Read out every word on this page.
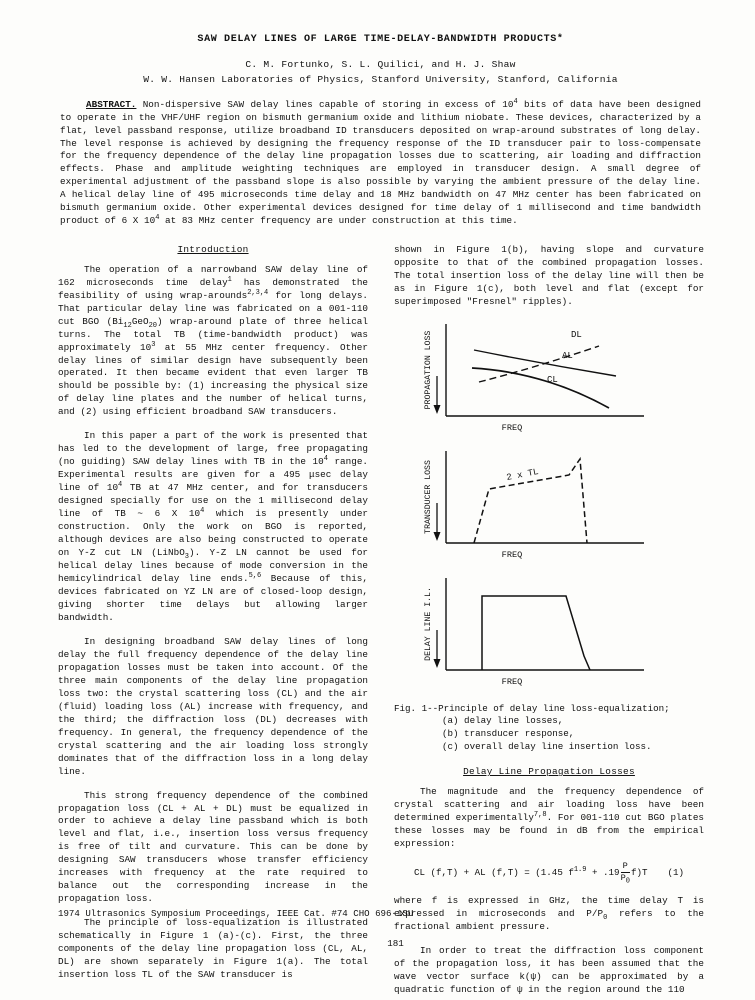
SAW DELAY LINES OF LARGE TIME-DELAY-BANDWIDTH PRODUCTS*
C. M. Fortunko, S. L. Quilici, and H. J. Shaw
W. W. Hansen Laboratories of Physics, Stanford University, Stanford, California
ABSTRACT. Non-dispersive SAW delay lines capable of storing in excess of $10^4$ bits of data have been designed to operate in the VHF/UHF region on bismuth germanium oxide and lithium niobate. These devices, characterized by a flat, level passband response, utilize broadband ID transducers deposited on wrap-around substrates of long delay. The level response is achieved by designing the frequency response of the ID transducer pair to loss-compensate for the frequency dependence of the delay line propagation losses due to scattering, air loading and diffraction effects. Phase and amplitude weighting techniques are employed in transducer design. A small degree of experimental adjustment of the passband slope is also possible by varying the ambient pressure of the delay line. A helical delay line of 495 microseconds time delay and 18 MHz bandwidth on 47 MHz center has been fabricated on bismuth germanium oxide. Other experimental devices designed for time delay of 1 millisecond and time bandwidth product of 6 X $10^4$ at 83 MHz center frequency are under construction at this time.
Introduction

The operation of a narrowband SAW delay line of 162 microseconds time delay$^1$ has demonstrated the feasibility of using wrap-arounds$^{2,3,4}$ for long delays. That particular delay line was fabricated on a 001-110 cut BGO $(Bi_{12}GeO_{20})$ wrap-around plate of three helical turns. The total TB (time-bandwidth product) was approximately $10^3$ at 55 MHz center frequency. Other delay lines of similar design have subsequently been operated. It then became evident that even larger TB should be possible by: (1) increasing the physical size of delay line plates and the number of helical turns, and (2) using efficient broadband SAW transducers.

In this paper a part of the work is presented that has led to the development of large, free propagating (no guiding) SAW delay lines with TB in the $10^4$ range. Experimental results are given for a 495 μsec delay line of $10^4$ TB at 47 MHz center, and for transducers designed specially for use on the 1 millisecond delay line of TB ~ 6 X $10^4$ which is presently under construction. Only the work on BGO is reported, although devices are also being constructed to operate on Y-Z cut LN (LiNbO$_3$). Y-Z LN cannot be used for helical delay lines because of mode conversion in the hemicylindrical delay line ends.$^{5,6}$ Because of this, devices fabricated on YZ LN are of closed-loop design, giving shorter time delays but allowing larger bandwidth.

In designing broadband SAW delay lines of long delay the full frequency dependence of the delay line propagation losses must be taken into account. Of the three main components of the delay line propagation loss two: the crystal scattering loss (CL) and the air (fluid) loading loss (AL) increase with frequency, and the third; the diffraction loss (DL) decreases with frequency. In general, the frequency dependence of the crystal scattering and the air loading loss strongly dominates that of the diffraction loss in a long delay line.

This strong frequency dependence of the combined propagation loss (CL + AL + DL) must be equalized in order to achieve a delay line passband which is both level and flat, i.e., insertion loss versus frequency is free of tilt and curvature. This can be done by designing SAW transducers whose transfer efficiency increases with frequency at the rate required to balance out the corresponding increase in the propagation loss.

The principle of loss-equalization is illustrated schematically in Figure 1 (a)-(c). First, the three components of the delay line propagation loss (CL, AL, DL) are shown separately in Figure 1(a). The total insertion loss TL of the SAW transducer is

shown in Figure 1(b), having slope and curvature opposite to that of the combined propagation losses. The total insertion loss of the delay line will then be as in Figure 1(c), both level and flat (except for superimposed "Fresnel" ripples).

DL
AL
CL
PROPAGATION LOSS
FREQ
2 x TL
TRANSDUCER LOSS
FREQ
DELAY LINE I.L.
FREQ
Fig. 1--Principle of delay line loss-equalization;
(a) delay line losses,
(b) transducer response,
(c) overall delay line insertion loss.
Delay Line Propagation Losses

The magnitude and the frequency dependence of crystal scattering and air loading loss have been determined experimentally$^{7,8}$. For 001-110 cut BGO plates these losses may be found in dB from the empirical expression:

CL (f,T) + AL (f,T) = (1.45 $f^{1.9} + .19 \frac{P}{P_0} f)T$ (1)

where f is expressed in GHz, the time delay T is expressed in microseconds and $P/P_0$ refers to the fractional ambient pressure.

In order to treat the diffraction loss component of the propagation loss, it has been assumed that the wave vector surface k(ψ) can be approximated by a quadratic function of ψ in the region around the 110

1974 Ultrasonics Symposium Proceedings, IEEE Cat. #74 CHO 696-1SU
181
